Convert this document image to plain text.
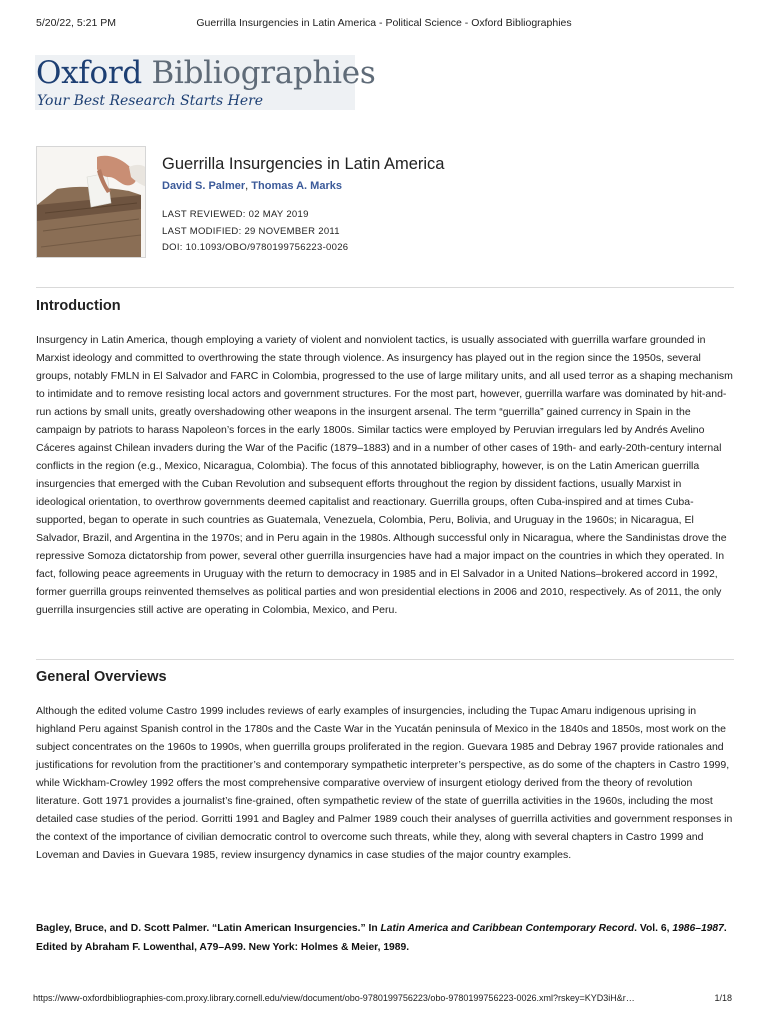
5/20/22, 5:21 PM	Guerrilla Insurgencies in Latin America - Political Science - Oxford Bibliographies
Oxford Bibliographies
Your Best Research Starts Here
Guerrilla Insurgencies in Latin America
David S. Palmer, Thomas A. Marks
LAST REVIEWED: 02 MAY 2019
LAST MODIFIED: 29 NOVEMBER 2011
DOI: 10.1093/OBO/9780199756223-0026
Introduction
Insurgency in Latin America, though employing a variety of violent and nonviolent tactics, is usually associated with guerrilla warfare grounded in Marxist ideology and committed to overthrowing the state through violence. As insurgency has played out in the region since the 1950s, several groups, notably FMLN in El Salvador and FARC in Colombia, progressed to the use of large military units, and all used terror as a shaping mechanism to intimidate and to remove resisting local actors and government structures. For the most part, however, guerrilla warfare was dominated by hit-and-run actions by small units, greatly overshadowing other weapons in the insurgent arsenal. The term “guerrilla” gained currency in Spain in the campaign by patriots to harass Napoleon’s forces in the early 1800s. Similar tactics were employed by Peruvian irregulars led by Andrés Avelino Cáceres against Chilean invaders during the War of the Pacific (1879–1883) and in a number of other cases of 19th- and early-20th-century internal conflicts in the region (e.g., Mexico, Nicaragua, Colombia). The focus of this annotated bibliography, however, is on the Latin American guerrilla insurgencies that emerged with the Cuban Revolution and subsequent efforts throughout the region by dissident factions, usually Marxist in ideological orientation, to overthrow governments deemed capitalist and reactionary. Guerrilla groups, often Cuba-inspired and at times Cuba-supported, began to operate in such countries as Guatemala, Venezuela, Colombia, Peru, Bolivia, and Uruguay in the 1960s; in Nicaragua, El Salvador, Brazil, and Argentina in the 1970s; and in Peru again in the 1980s. Although successful only in Nicaragua, where the Sandinistas drove the repressive Somoza dictatorship from power, several other guerrilla insurgencies have had a major impact on the countries in which they operated. In fact, following peace agreements in Uruguay with the return to democracy in 1985 and in El Salvador in a United Nations–brokered accord in 1992, former guerrilla groups reinvented themselves as political parties and won presidential elections in 2006 and 2010, respectively. As of 2011, the only guerrilla insurgencies still active are operating in Colombia, Mexico, and Peru.
General Overviews
Although the edited volume Castro 1999 includes reviews of early examples of insurgencies, including the Tupac Amaru indigenous uprising in highland Peru against Spanish control in the 1780s and the Caste War in the Yucatán peninsula of Mexico in the 1840s and 1850s, most work on the subject concentrates on the 1960s to 1990s, when guerrilla groups proliferated in the region. Guevara 1985 and Debray 1967 provide rationales and justifications for revolution from the practitioner’s and contemporary sympathetic interpreter’s perspective, as do some of the chapters in Castro 1999, while Wickham-Crowley 1992 offers the most comprehensive comparative overview of insurgent etiology derived from the theory of revolution literature. Gott 1971 provides a journalist’s fine-grained, often sympathetic review of the state of guerrilla activities in the 1960s, including the most detailed case studies of the period. Gorritti 1991 and Bagley and Palmer 1989 couch their analyses of guerrilla activities and government responses in the context of the importance of civilian democratic control to overcome such threats, while they, along with several chapters in Castro 1999 and Loveman and Davies in Guevara 1985, review insurgency dynamics in case studies of the major country examples.
Bagley, Bruce, and D. Scott Palmer. “Latin American Insurgencies.” In Latin America and Caribbean Contemporary Record. Vol. 6, 1986–1987. Edited by Abraham F. Lowenthal, A79–A99. New York: Holmes & Meier, 1989.
https://www-oxfordbibliographies-com.proxy.library.cornell.edu/view/document/obo-9780199756223/obo-9780199756223-0026.xml?rskey=KYD3iH&r…	1/18
